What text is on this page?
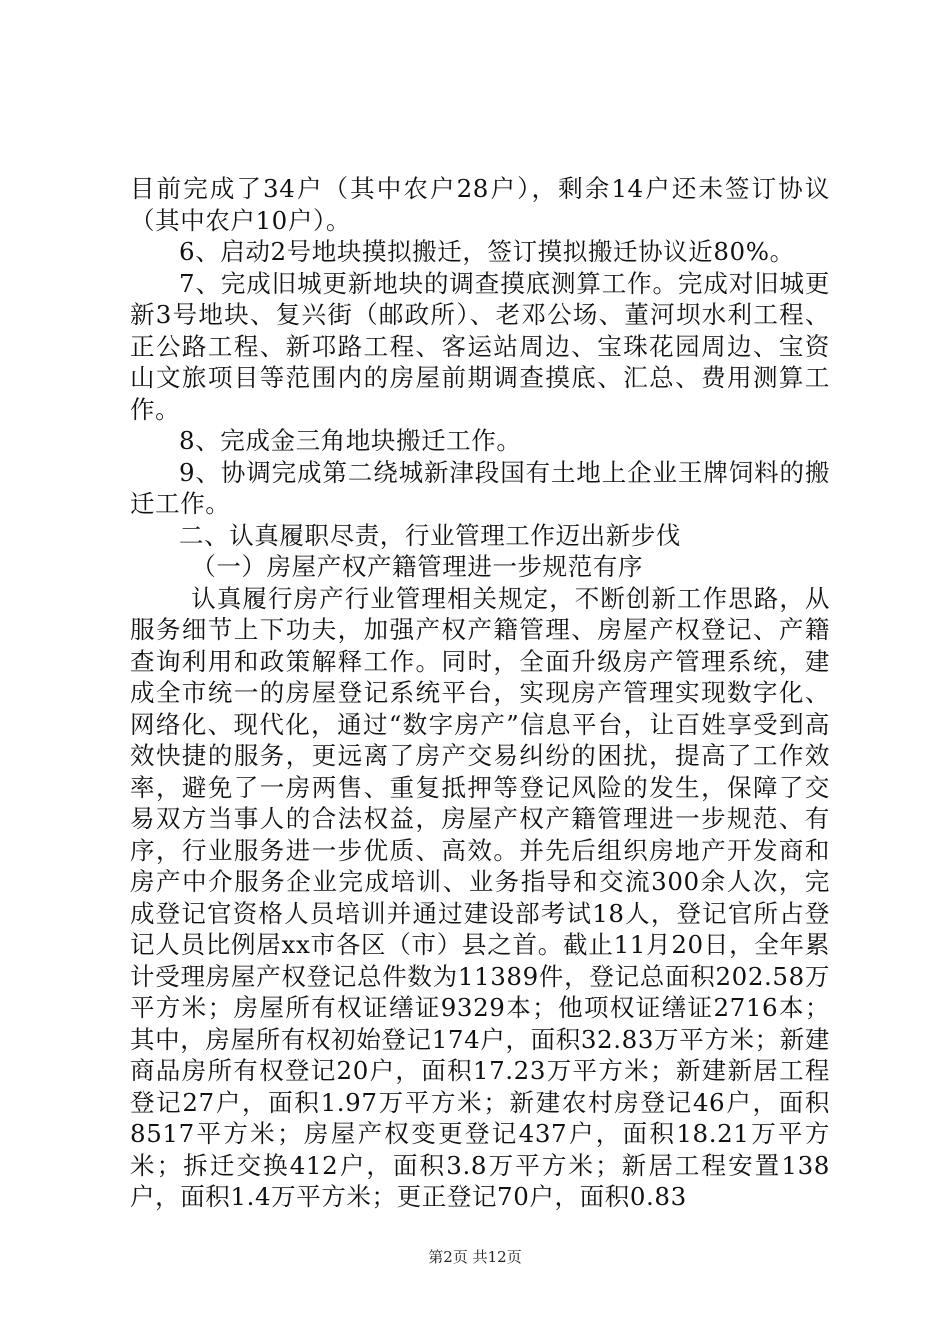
目前完成了34户（其中农户28户），剩余14户还未签订协议（其中农户10户）。

6、启动2号地块摸拟搬迁，签订摸拟搬迁协议近80%。

7、完成旧城更新地块的调查摸底测算工作。完成对旧城更新3号地块、复兴街（邮政所）、老邓公场、董河坝水利工程、正公路工程、新邛路工程、客运站周边、宝珠花园周边、宝资山文旅项目等范围内的房屋前期调查摸底、汇总、费用测算工作。

8、完成金三角地块搬迁工作。

9、协调完成第二绕城新津段国有土地上企业王牌饲料的搬迁工作。

二、认真履职尽责，行业管理工作迈出新步伐

（一）房屋产权产籍管理进一步规范有序

认真履行房产行业管理相关规定，不断创新工作思路，从服务细节上下功夫，加强产权产籍管理、房屋产权登记、产籍查询利用和政策解释工作。同时，全面升级房产管理系统，建成全市统一的房屋登记系统平台，实现房产管理实现数字化、网络化、现代化，通过“数字房产”信息平台，让百姓享受到高效快捷的服务，更远离了房产交易纠纷的困扰，提高了工作效率，避免了一房两售、重复抵押等登记风险的发生，保障了交易双方当事人的合法权益，房屋产权产籍管理进一步规范、有序，行业服务进一步优质、高效。并先后组织房地产开发商和房产中介服务企业完成培训、业务指导和交流300余人次，完成登记官资格人员培训并通过建设部考试18人，登记官所占登记人员比例居xx市各区（市）县之首。截止11月20日，全年累计受理房屋产权登记总件数为11389件，登记总面积202.58万平方米；房屋所有权证缮证9329本；他项权证缮证2716本；其中，房屋所有权初始登记174户，面积32.83万平方米；新建商品房所有权登记20户，面积17.23万平方米；新建新居工程登记27户，面积1.97万平方米；新建农村房登记46户，面积8517平方米；房屋产权变更登记437户，面积18.21万平方米；拆迁交换412户，面积3.8万平方米；新居工程安置138户，面积1.4万平方米；更正登记70户，面积0.83

第2页 共12页
